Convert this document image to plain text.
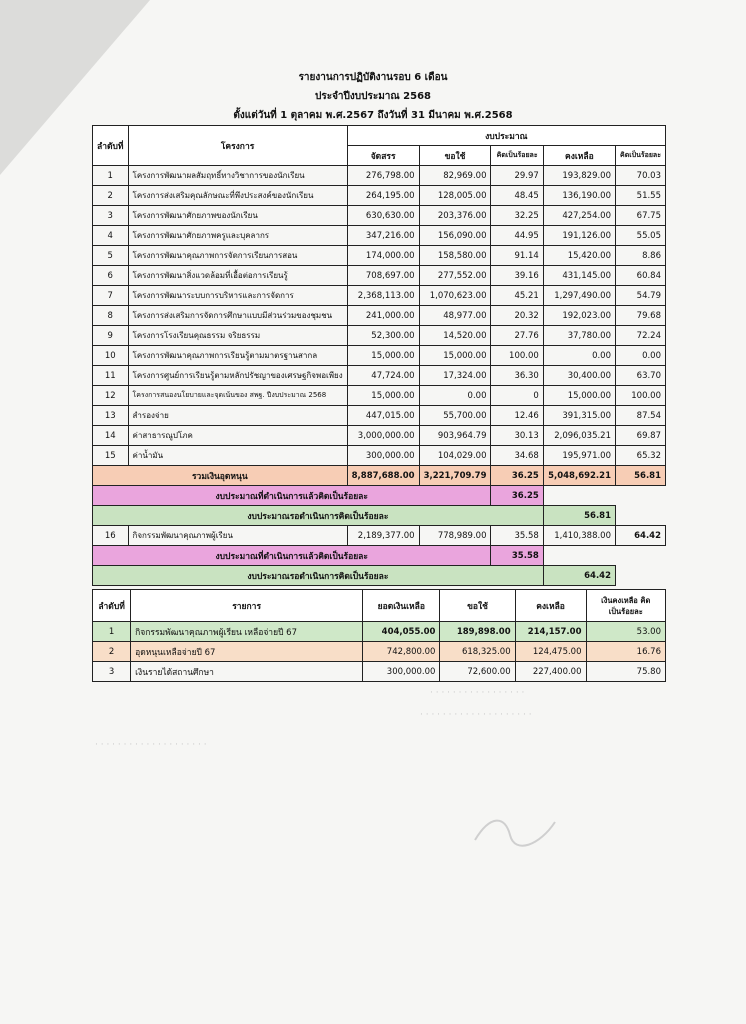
รายงานการปฏิบัติงานรอบ 6 เดือน
ประจำปีงบประมาณ 2568
ตั้งแต่วันที่ 1 ตุลาคม พ.ศ.2567 ถึงวันที่ 31 มีนาคม พ.ศ.2568
ลำดับที่	โครงการ	งบประมาณ				
		จัดสรร	ขอใช้	คิดเป็นร้อยละ	คงเหลือ	คิดเป็นร้อยละ
1	โครงการพัฒนาผลสัมฤทธิ์ทางวิชาการของนักเรียน	276,798.00	82,969.00	29.97	193,829.00	70.03
2	โครงการส่งเสริมคุณลักษณะที่พึงประสงค์ของนักเรียน	264,195.00	128,005.00	48.45	136,190.00	51.55
3	โครงการพัฒนาศักยภาพของนักเรียน	630,630.00	203,376.00	32.25	427,254.00	67.75
4	โครงการพัฒนาศักยภาพครูและบุคลากร	347,216.00	156,090.00	44.95	191,126.00	55.05
5	โครงการพัฒนาคุณภาพการจัดการเรียนการสอน	174,000.00	158,580.00	91.14	15,420.00	8.86
6	โครงการพัฒนาสิ่งแวดล้อมที่เอื้อต่อการเรียนรู้	708,697.00	277,552.00	39.16	431,145.00	60.84
7	โครงการพัฒนาระบบการบริหารและการจัดการ	2,368,113.00	1,070,623.00	45.21	1,297,490.00	54.79
8	โครงการส่งเสริมการจัดการศึกษาแบบมีส่วนร่วมของชุมชน	241,000.00	48,977.00	20.32	192,023.00	79.68
9	โครงการโรงเรียนคุณธรรม จริยธรรม	52,300.00	14,520.00	27.76	37,780.00	72.24
10	โครงการพัฒนาคุณภาพการเรียนรู้ตามมาตรฐานสากล	15,000.00	15,000.00	100.00	0.00	0.00
11	โครงการศูนย์การเรียนรู้ตามหลักปรัชญาของเศรษฐกิจพอเพียง	47,724.00	17,324.00	36.30	30,400.00	63.70
12	โครงการสนองนโยบายและจุดเน้นของ สพฐ. ปีงบประมาณ 2568	15,000.00	0.00	0	15,000.00	100.00
13	สำรองจ่าย	447,015.00	55,700.00	12.46	391,315.00	87.54
14	ค่าสาธารณูปโภค	3,000,000.00	903,964.79	30.13	2,096,035.21	69.87
15	ค่าน้ำมัน	300,000.00	104,029.00	34.68	195,971.00	65.32
รวมเงินอุดหนุน		8,887,688.00	3,221,709.79	36.25	5,048,692.21	56.81
งบประมาณที่ดำเนินการแล้วคิดเป็นร้อยละ				36.25		
งบประมาณรอดำเนินการคิดเป็นร้อยละ					56.81	
16	กิจกรรมพัฒนาคุณภาพผู้เรียน	2,189,377.00	778,989.00	35.58	1,410,388.00	64.42
งบประมาณที่ดำเนินการแล้วคิดเป็นร้อยละ				35.58		
งบประมาณรอดำเนินการคิดเป็นร้อยละ					64.42	
ลำดับที่	รายการ	ยอดเงินเหลือ	ขอใช้	คงเหลือ	เงินคงเหลือ คิด
เป็นร้อยละ
1	กิจกรรมพัฒนาคุณภาพผู้เรียน เหลือจ่ายปี 67	404,055.00	189,898.00	214,157.00	53.00
2	อุดหนุนเหลือจ่ายปี 67	742,800.00	618,325.00	124,475.00	16.76
3	เงินรายได้สถานศึกษา	300,000.00	72,600.00	227,400.00	75.80
· · · · · · · · · · · · · · · · ·
· · · · · · · · · · · · · · · · · · · ·
· · · · · · · · · · · · · · · · · · · ·
